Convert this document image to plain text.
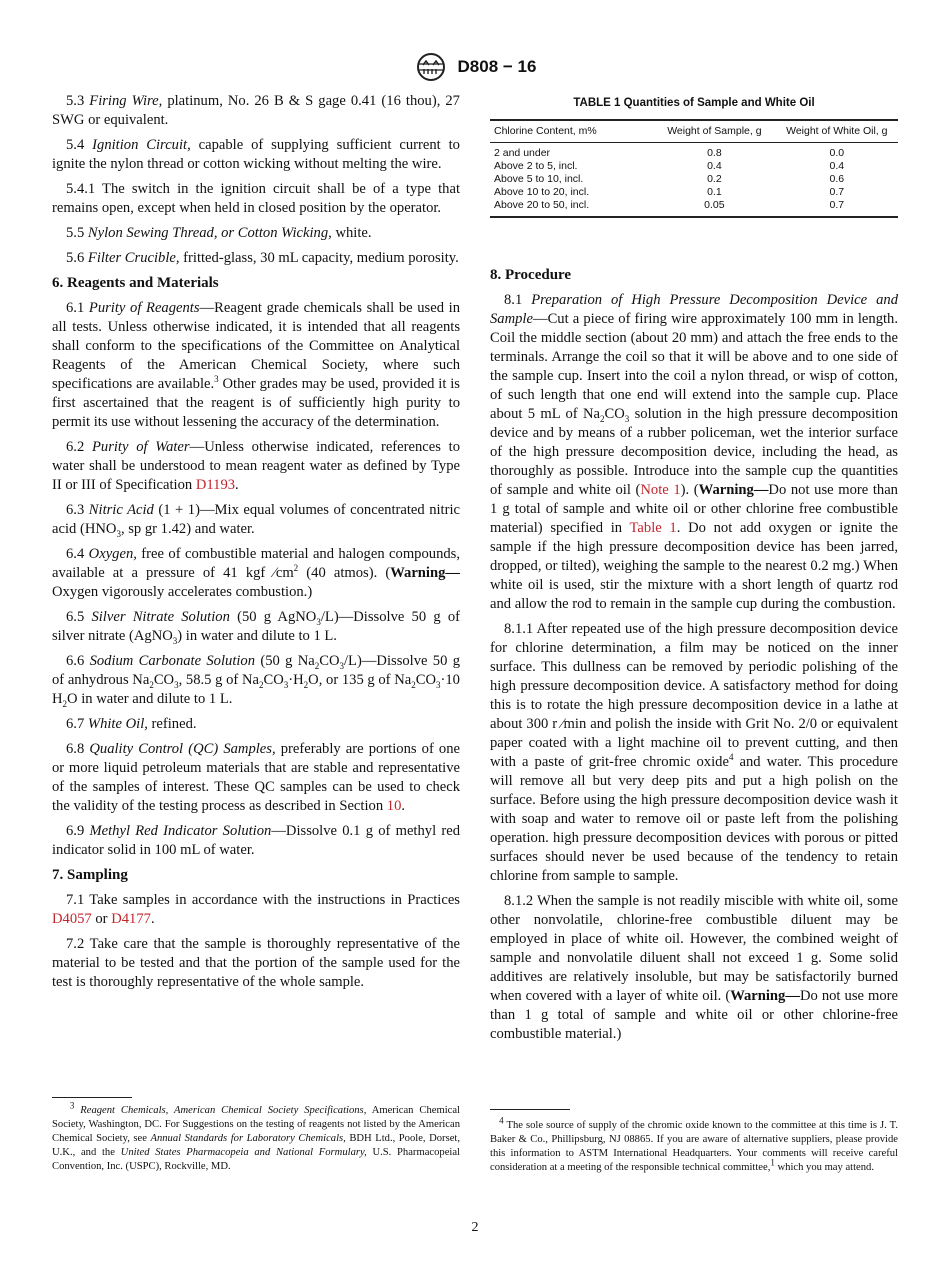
D808 − 16

5.3 Firing Wire, platinum, No. 26 B & S gage 0.41 (16 thou), 27 SWG or equivalent.

5.4 Ignition Circuit, capable of supplying sufficient current to ignite the nylon thread or cotton wicking without melting the wire.

5.4.1 The switch in the ignition circuit shall be of a type that remains open, except when held in closed position by the operator.

5.5 Nylon Sewing Thread, or Cotton Wicking, white.

5.6 Filter Crucible, fritted-glass, 30 mL capacity, medium porosity.

6. Reagents and Materials

6.1 Purity of Reagents—Reagent grade chemicals shall be used in all tests. Unless otherwise indicated, it is intended that all reagents shall conform to the specifications of the Committee on Analytical Reagents of the American Chemical Society, where such specifications are available.$^3$ Other grades may be used, provided it is first ascertained that the reagent is of sufficiently high purity to permit its use without lessening the accuracy of the determination.

6.2 Purity of Water—Unless otherwise indicated, references to water shall be understood to mean reagent water as defined by Type II or III of Specification D1193.

6.3 Nitric Acid (1 + 1)—Mix equal volumes of concentrated nitric acid ($HNO_3$, sp gr 1.42) and water.

6.4 Oxygen, free of combustible material and halogen compounds, available at a pressure of 41 kgf $⁄cm^2$ (40 atmos). (Warning—Oxygen vigorously accelerates combustion.)

6.5 Silver Nitrate Solution (50 g AgNO$_3$/L)—Dissolve 50 g of silver nitrate (AgNO$_3$) in water and dilute to 1 L.

6.6 Sodium Carbonate Solution (50 g $Na_2CO_3/L)—Dissolve$ 50 g of anhydrous $Na_2CO_3$, 58.5 g of $Na_2CO_3\cdot H_2O$, or 135 g of $Na_2CO_3\cdot 10$ $H_2O$ in water and dilute to 1 L.

6.7 White Oil, refined.

6.8 Quality Control (QC) Samples, preferably are portions of one or more liquid petroleum materials that are stable and representative of the samples of interest. These QC samples can be used to check the validity of the testing process as described in Section 10.

6.9 Methyl Red Indicator Solution—Dissolve 0.1 g of methyl red indicator solid in 100 mL of water.

7. Sampling

7.1 Take samples in accordance with the instructions in Practices D4057 or D4177.

7.2 Take care that the sample is thoroughly representative of the material to be tested and that the portion of the sample used for the test is thoroughly representative of the whole sample.

TABLE 1 Quantities of Sample and White Oil
Chlorine Content, m%	Weight of Sample, g	Weight of White Oil, g
2 and under	0.8	0.0
Above 2 to 5, incl.	0.4	0.4
Above 5 to 10, incl.	0.2	0.6
Above 10 to 20, incl.	0.1	0.7
Above 20 to 50, incl.	0.05	0.7
8. Procedure

8.1 Preparation of High Pressure Decomposition Device and Sample—Cut a piece of firing wire approximately 100 mm in length. Coil the middle section (about 20 mm) and attach the free ends to the terminals. Arrange the coil so that it will be above and to one side of the sample cup. Insert into the coil a nylon thread, or wisp of cotton, of such length that one end will extend into the sample cup. Place about 5 mL of $Na_2CO_3$ solution in the high pressure decomposition device and by means of a rubber policeman, wet the interior surface of the high pressure decomposition device, including the head, as thoroughly as possible. Introduce into the sample cup the quantities of sample and white oil (Note 1). (Warning—Do not use more than 1 g total of sample and white oil or other chlorine free combustible material) specified in Table 1. Do not add oxygen or ignite the sample if the high pressure decomposition device has been jarred, dropped, or tilted), weighing the sample to the nearest 0.2 mg.) When white oil is used, stir the mixture with a short length of quartz rod and allow the rod to remain in the sample cup during the combustion.

8.1.1 After repeated use of the high pressure decomposition device for chlorine determination, a film may be noticed on the inner surface. This dullness can be removed by periodic polishing of the high pressure decomposition device. A satisfactory method for doing this is to rotate the high pressure decomposition device in a lathe at about 300 r ⁄min and polish the inside with Grit No. 2/0 or equivalent paper coated with a light machine oil to prevent cutting, and then with a paste of grit-free chromic oxide$^4$ and water. This procedure will remove all but very deep pits and put a high polish on the surface. Before using the high pressure decomposition device wash it with soap and water to remove oil or paste left from the polishing operation. high pressure decomposition devices with porous or pitted surfaces should never be used because of the tendency to retain chlorine from sample to sample.

8.1.2 When the sample is not readily miscible with white oil, some other nonvolatile, chlorine-free combustible diluent may be employed in place of white oil. However, the combined weight of sample and nonvolatile diluent shall not exceed 1 g. Some solid additives are relatively insoluble, but may be satisfactorily burned when covered with a layer of white oil. (Warning—Do not use more than 1 g total of sample and white oil or other chlorine-free combustible material.)

$^3$ Reagent Chemicals, American Chemical Society Specifications, American Chemical Society, Washington, DC. For Suggestions on the testing of reagents not listed by the American Chemical Society, see Annual Standards for Laboratory Chemicals, BDH Ltd., Poole, Dorset, U.K., and the United States Pharmacopeia and National Formulary, U.S. Pharmacopeial Convention, Inc. (USPC), Rockville, MD.
$^4$ The sole source of supply of the chromic oxide known to the committee at this time is J. T. Baker & Co., Phillipsburg, NJ 08865. If you are aware of alternative suppliers, please provide this information to ASTM International Headquarters. Your comments will receive careful consideration at a meeting of the responsible technical committee,$^1$ which you may attend.
2
